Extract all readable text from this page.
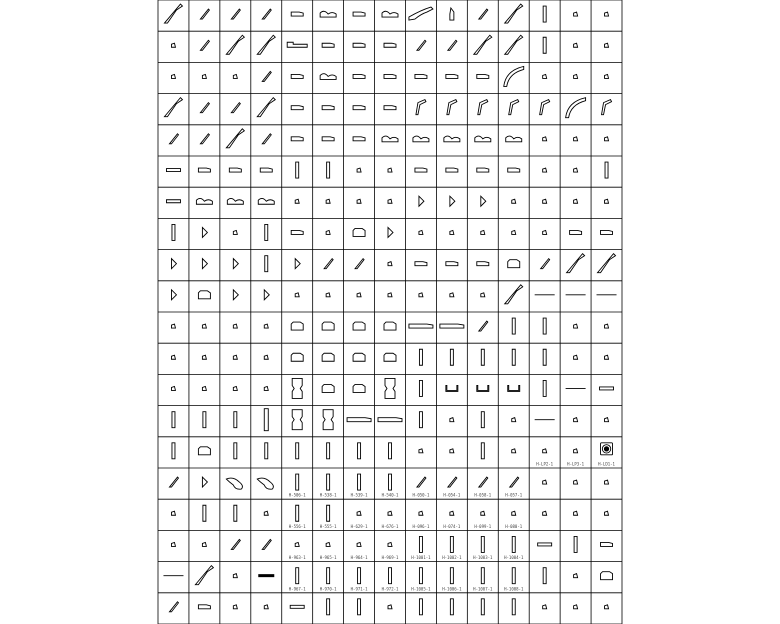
H-LP2-1	H-LP3-1	H-LD1-1
H-506-1	H-538-1	H-539-1	H-540-1	H-050-1	H-054-1	H-058-1	H-057-1
H-556-1	H-555-1	H-629-1	H-676-1	H-096-1	H-074-1	H-099-1	H-080-1
H-963-1	H-965-1	H-964-1	H-969-1	H-1001-1	H-1002-1	H-1003-1	H-1004-1
H-967-1	H-970-1	H-971-1	H-972-1	H-1005-1	H-1006-1	H-1007-1	H-1008-1
